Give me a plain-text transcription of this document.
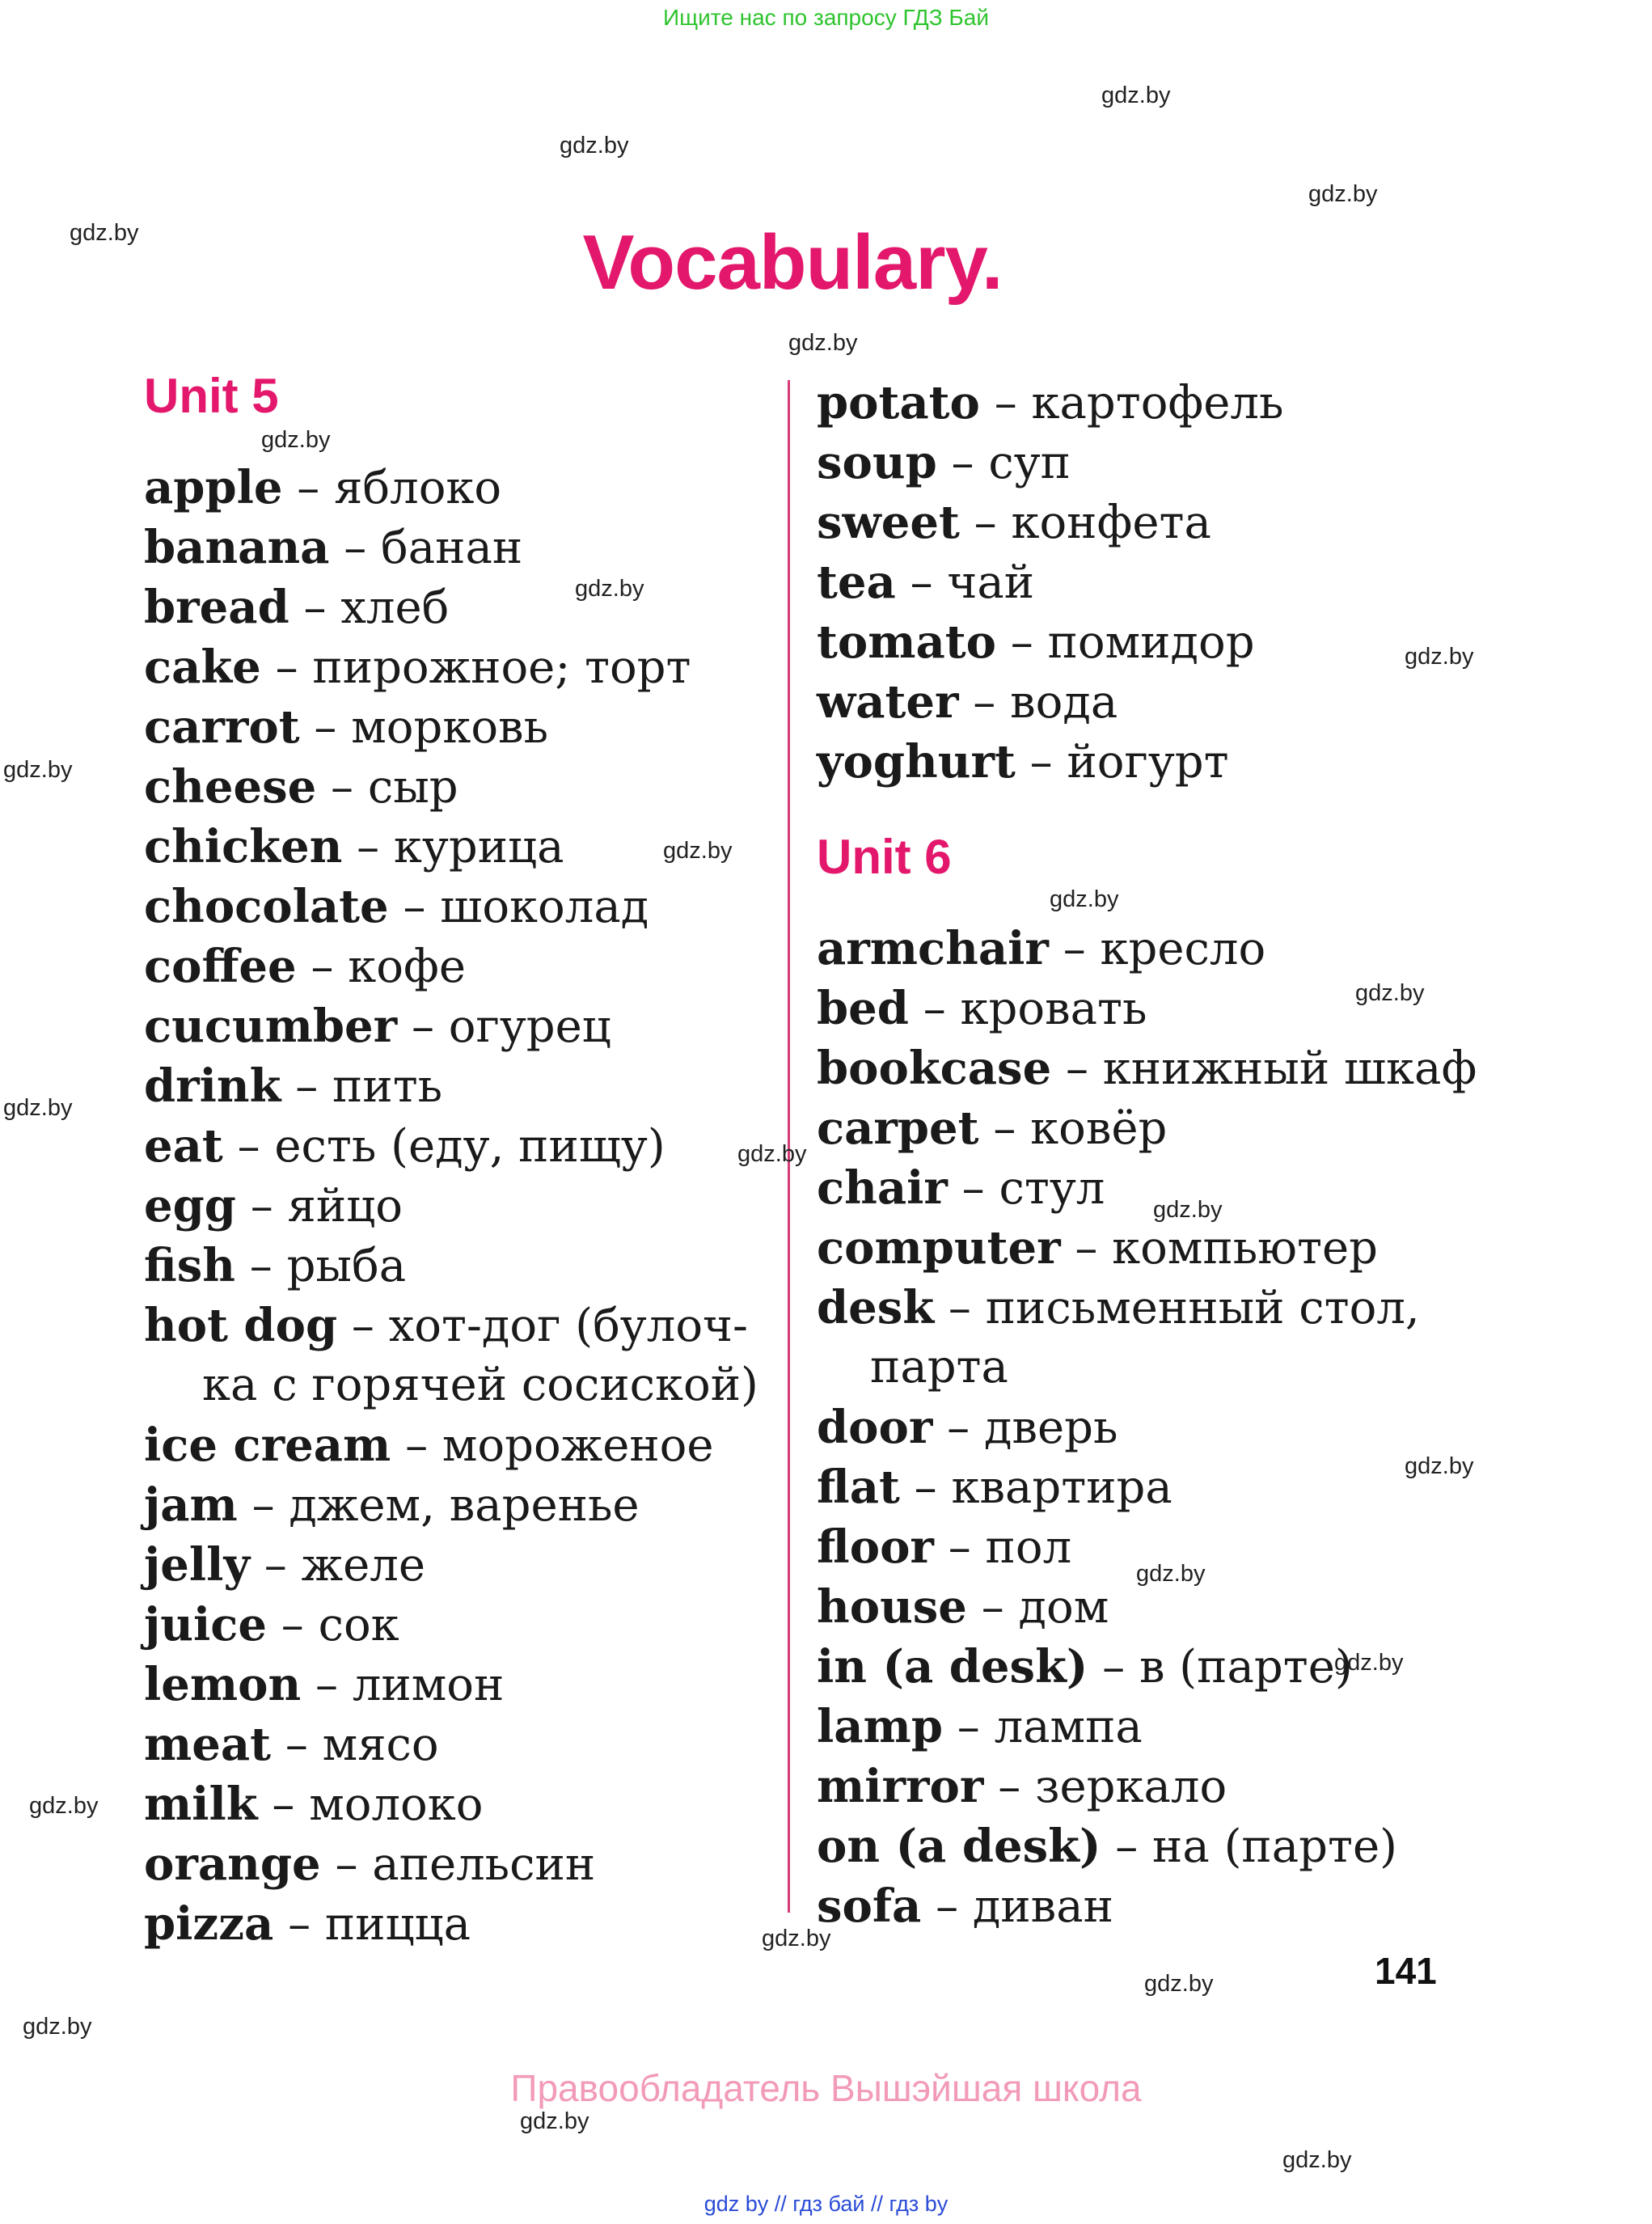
Ищите нас по запросу ГДЗ Бай
Vocabulary.
Unit 5
apple – яблоко
banana – банан
bread – хлеб
cake – пирожное; торт
carrot – морковь
cheese – сыр
chicken – курица
chocolate – шоколад
coffee – кофе
cucumber – огурец
drink – пить
eat – есть (еду, пищу)
egg – яйцо
fish – рыба
hot dog – хот-дог (булоч-
ка с горячей сосиской)
ice cream – мороженое
jam – джем, варенье
jelly – желе
juice – сок
lemon – лимон
meat – мясо
milk – молоко
orange – апельсин
pizza – пицца
potato – картофель
soup – суп
sweet – конфета
tea – чай
tomato – помидор
water – вода
yoghurt – йогурт
Unit 6
armchair – кресло
bed – кровать
bookcase – книжный шкаф
carpet – ковёр
chair – стул
computer – компьютер
desk – письменный стол,
парта
door – дверь
flat – квартира
floor – пол
house – дом
in (a desk) – в (парте)
lamp – лампа
mirror – зеркало
on (a desk) – на (парте)
sofa – диван
gdz.by
gdz.by
gdz.by
gdz.by
gdz.by
gdz.by
gdz.by
gdz.by
gdz.by
gdz.by
gdz.by
gdz.by
gdz.by
gdz.by
gdz.by
gdz.by
gdz.by
gdz.by
gdz.by
gdz.by
gdz.by
gdz.by
gdz.by
gdz.by
141
Правообладатель Вышэйшая школа
gdz by // гдз бай // гдз by
